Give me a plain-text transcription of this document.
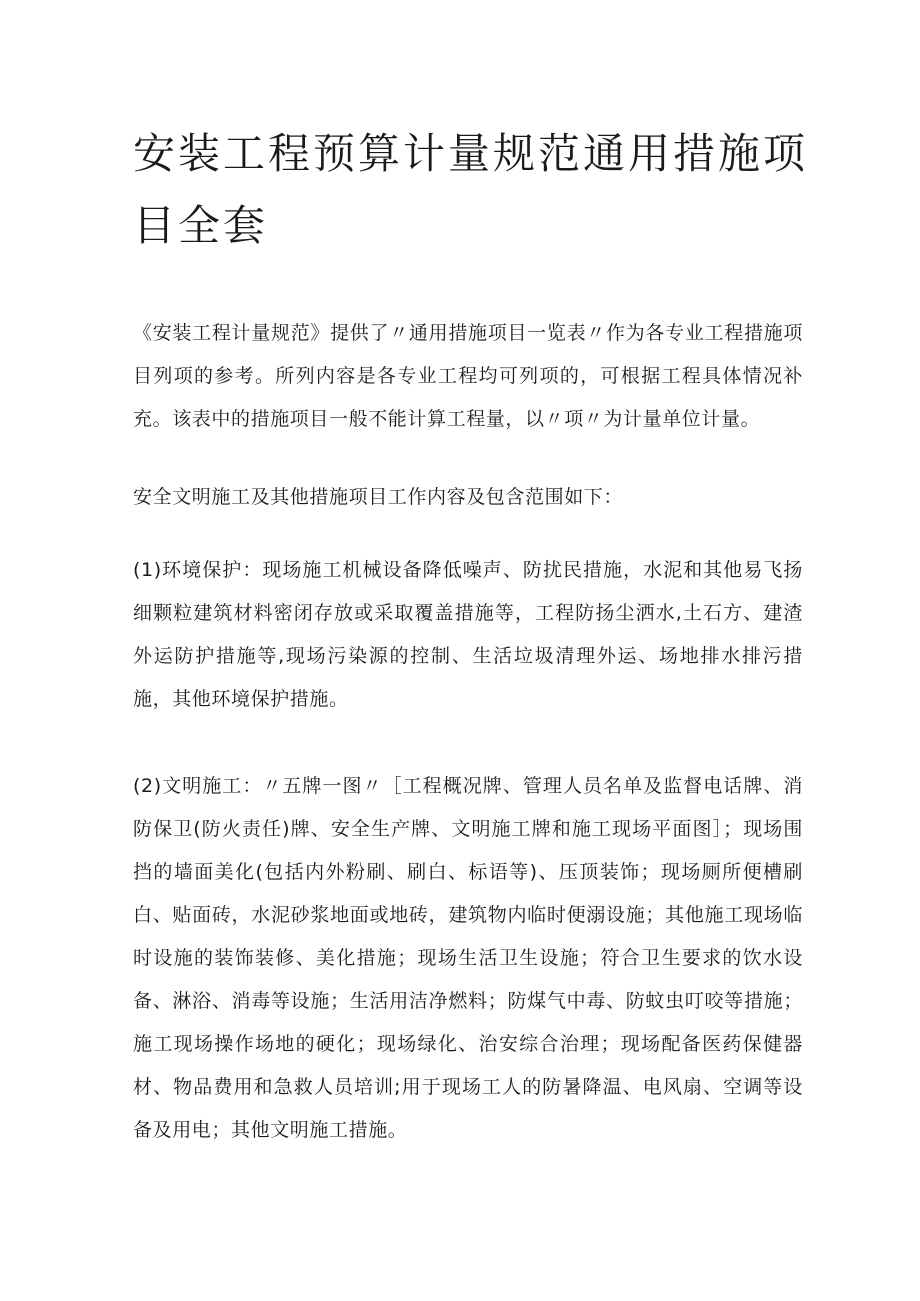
安装工程预算计量规范通用措施项目全套

《安装工程计量规范》提供了〃通用措施项目一览表〃作为各专业工程措施项目列项的参考。所列内容是各专业工程均可列项的，可根据工程具体情况补充。该表中的措施项目一般不能计算工程量，以〃项〃为计量单位计量。

安全文明施工及其他措施项目工作内容及包含范围如下：

(1)环境保护：现场施工机械设备降低噪声、防扰民措施，水泥和其他易飞扬细颗粒建筑材料密闭存放或采取覆盖措施等，工程防扬尘洒水,土石方、建渣外运防护措施等,现场污染源的控制、生活垃圾清理外运、场地排水排污措施，其他环境保护措施。

(2)文明施工：〃五牌一图〃［工程概况牌、管理人员名单及监督电话牌、消防保卫(防火责任)牌、安全生产牌、文明施工牌和施工现场平面图］；现场围挡的墙面美化(包括内外粉刷、刷白、标语等)、压顶装饰；现场厕所便槽刷白、贴面砖，水泥砂浆地面或地砖，建筑物内临时便溺设施；其他施工现场临时设施的装饰装修、美化措施；现场生活卫生设施；符合卫生要求的饮水设备、淋浴、消毒等设施；生活用洁净燃料；防煤气中毒、防蚊虫叮咬等措施；施工现场操作场地的硬化；现场绿化、治安综合治理；现场配备医药保健器材、物品费用和急救人员培训;用于现场工人的防暑降温、电风扇、空调等设备及用电；其他文明施工措施。
